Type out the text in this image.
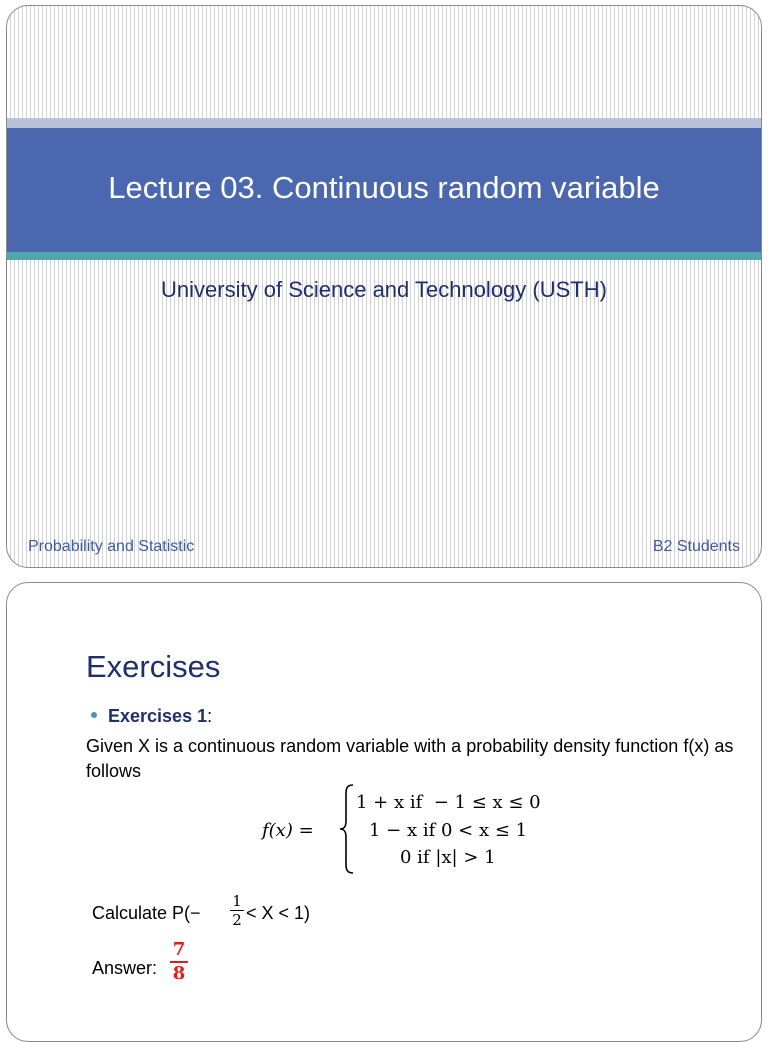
Lecture 03. Continuous random variable
University of Science and Technology (USTH)
Probability and Statistic	B2 Students
Exercises
Exercises 1:
Given X is a continuous random variable with a probability density function f(x) as follows
f(x) =
1 + x if  − 1 ≤ x ≤ 0
1 − x if 0 < x ≤ 1
0 if |x| > 1
Calculate $P(- \frac{1}{2} < X < 1)$
Answer: $\frac{7}{8}$
